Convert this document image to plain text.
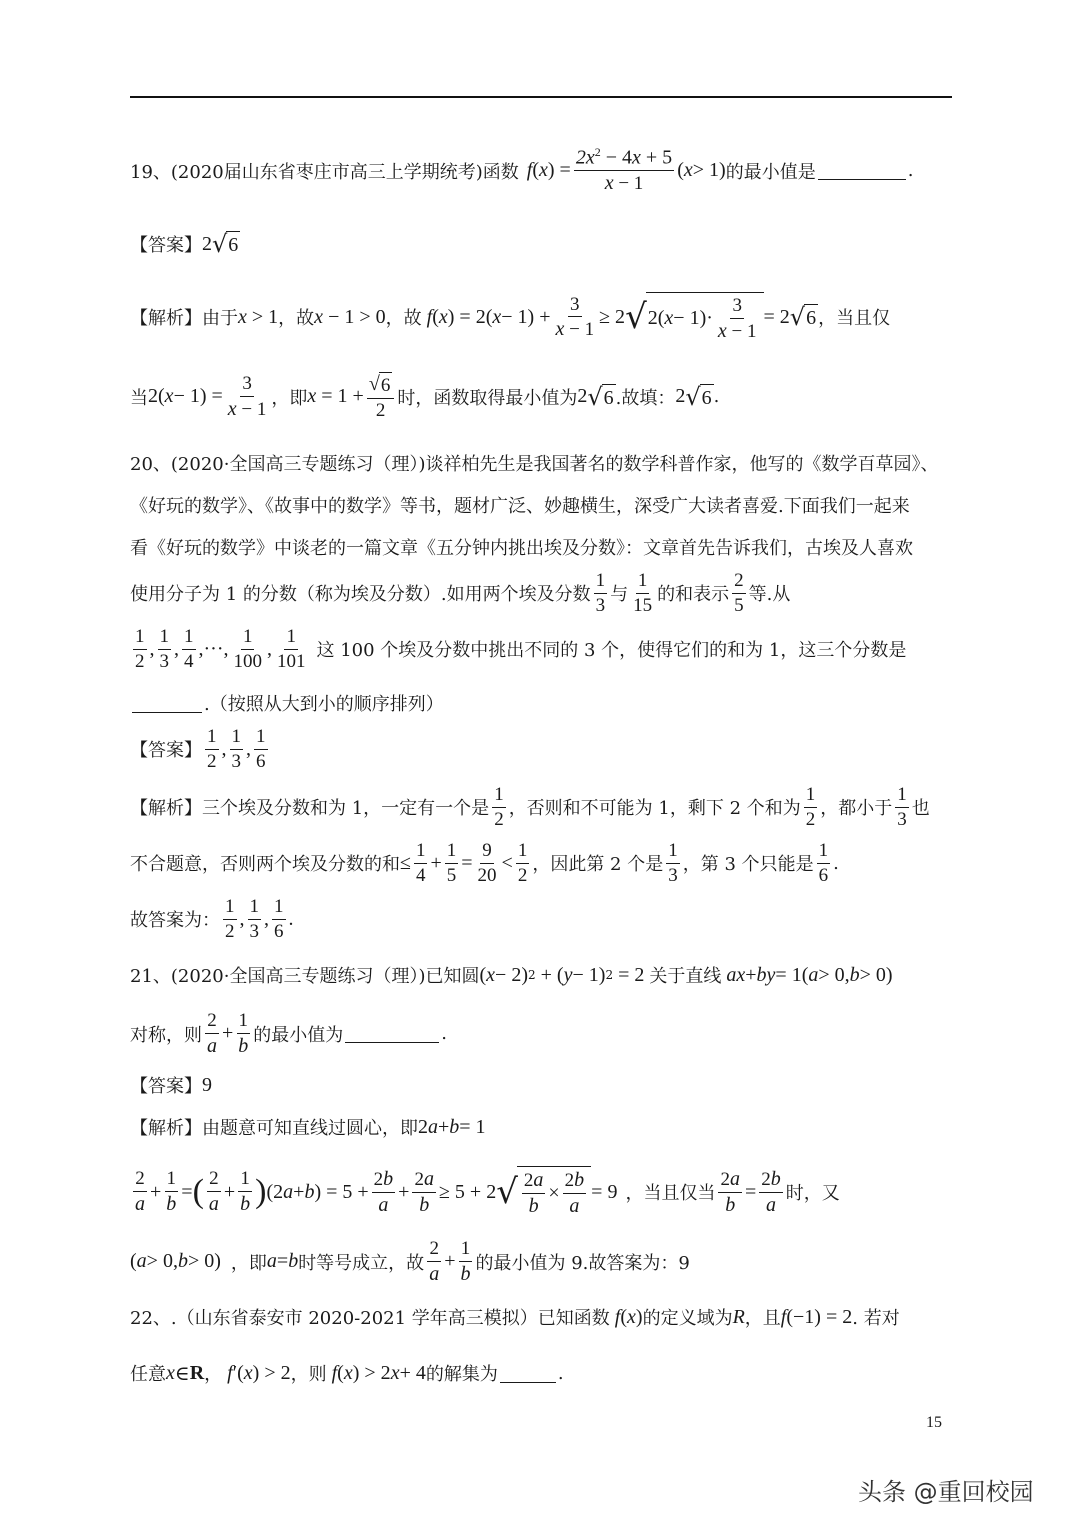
19、(2020届山东省枣庄市高三上学期统考)函数 f ( x ) = $\frac{2x^2 - 4x + 5}{x - 1}$ ( x > 1) 的最小值是	.
【答案】 2 √ 6
【解析】 由于 x > 1 ，故 x − 1 > 0 ，故 f ( x ) = 2( $x - 1) + \frac{3}{x - 1} \ge 2$ √ 2( $x - 1)\cdot \frac{3}{x - 1} = 2$ √ 6 ，当且仅
当 2( $x - 1) = \frac{3}{x - 1}$ ，即 $x = 1 + \frac{√ 6}{2}$ 时，函数取得最小值为 2 √ 6 .故填： 2 √ 6 .
20、(2020·全国高三专题练习（理）)谈祥柏先生是我国著名的数学科普作家，他写的《数学百草园》、
《好玩的数学》、《故事中的数学》等书，题材广泛、妙趣横生，深受广大读者喜爱.下面我们一起来
看《好玩的数学》中谈老的一篇文章《五分钟内挑出埃及分数》：文章首先告诉我们，古埃及人喜欢
使用分子为 1 的分数（称为埃及分数）.如用两个埃及分数 $\frac{1}{3}$ 与 $\frac{1}{15}$ 的和表示 $\frac{2}{5}$ 等.从
$\frac{1}{2}$ , $\frac{1}{3}$ , $\frac{1}{4}$ ,···, $\frac{1}{100}$ , $\frac{1}{101}$ 这 100 个埃及分数中挑出不同的 3 个，使得它们的和为 1，这三个分数是
.（按照从大到小的顺序排列）
【答案】 $\frac{1}{2}$ , $\frac{1}{3}$ , $\frac{1}{6}$
【解析】 三个埃及分数和为 1，一定有一个是 $\frac{1}{2}$ ，否则和不可能为 1，剩下 2 个和为 $\frac{1}{2}$ ，都小于 $\frac{1}{3}$ 也
不合题意，否则两个埃及分数的和 ≤ $\frac{1}{4} + \frac{1}{5} = \frac{9}{20} < \frac{1}{2}$ ，因此第 2 个是 $\frac{1}{3}$ ，第 3 个只能是 $\frac{1}{6}$ .
故答案为： $\frac{1}{2}$ , $\frac{1}{3}$ , $\frac{1}{6}$ .
21、(2020·全国高三专题练习（理）)已知圆 ( x − 2) 2 + ( y − 1) 2 = 2 关于直线 ax + by = 1( a > 0, b > 0)
对称，则 $\frac{2}{a} + \frac{1}{b}$ 的最小值为	.
【答案】 9
【解析】 由题意可知直线过圆心，即 2 a + b = 1
$\frac{2}{a} + \frac{1}{b}$ = ( $\frac{2}{a} + \frac{1}{b}$ ) (2 a + b ) = $5 + \frac{2b}{a} + \frac{2a}{b} \ge 5 + 2$ √ $\frac{2a}{b} \times \frac{2b}{a} = 9$ ，当且仅当 $\frac{2a}{b} = \frac{2b}{a}$ 时，又
( a > 0, b > 0) ，即 a = b 时等号成立，故 $\frac{2}{a} + \frac{1}{b}$ 的最小值为 9.故答案为：9
22、.（山东省泰安市 2020-2021 学年高三模拟）已知函数 f ( x ) 的定义域为 R ，且 f (−1) = 2 . 若对
任意 x ∈ R ， f ′( x ) > 2 ，则 f ( x ) > 2 x + 4 的解集为	.
15
头条 @重回校园
